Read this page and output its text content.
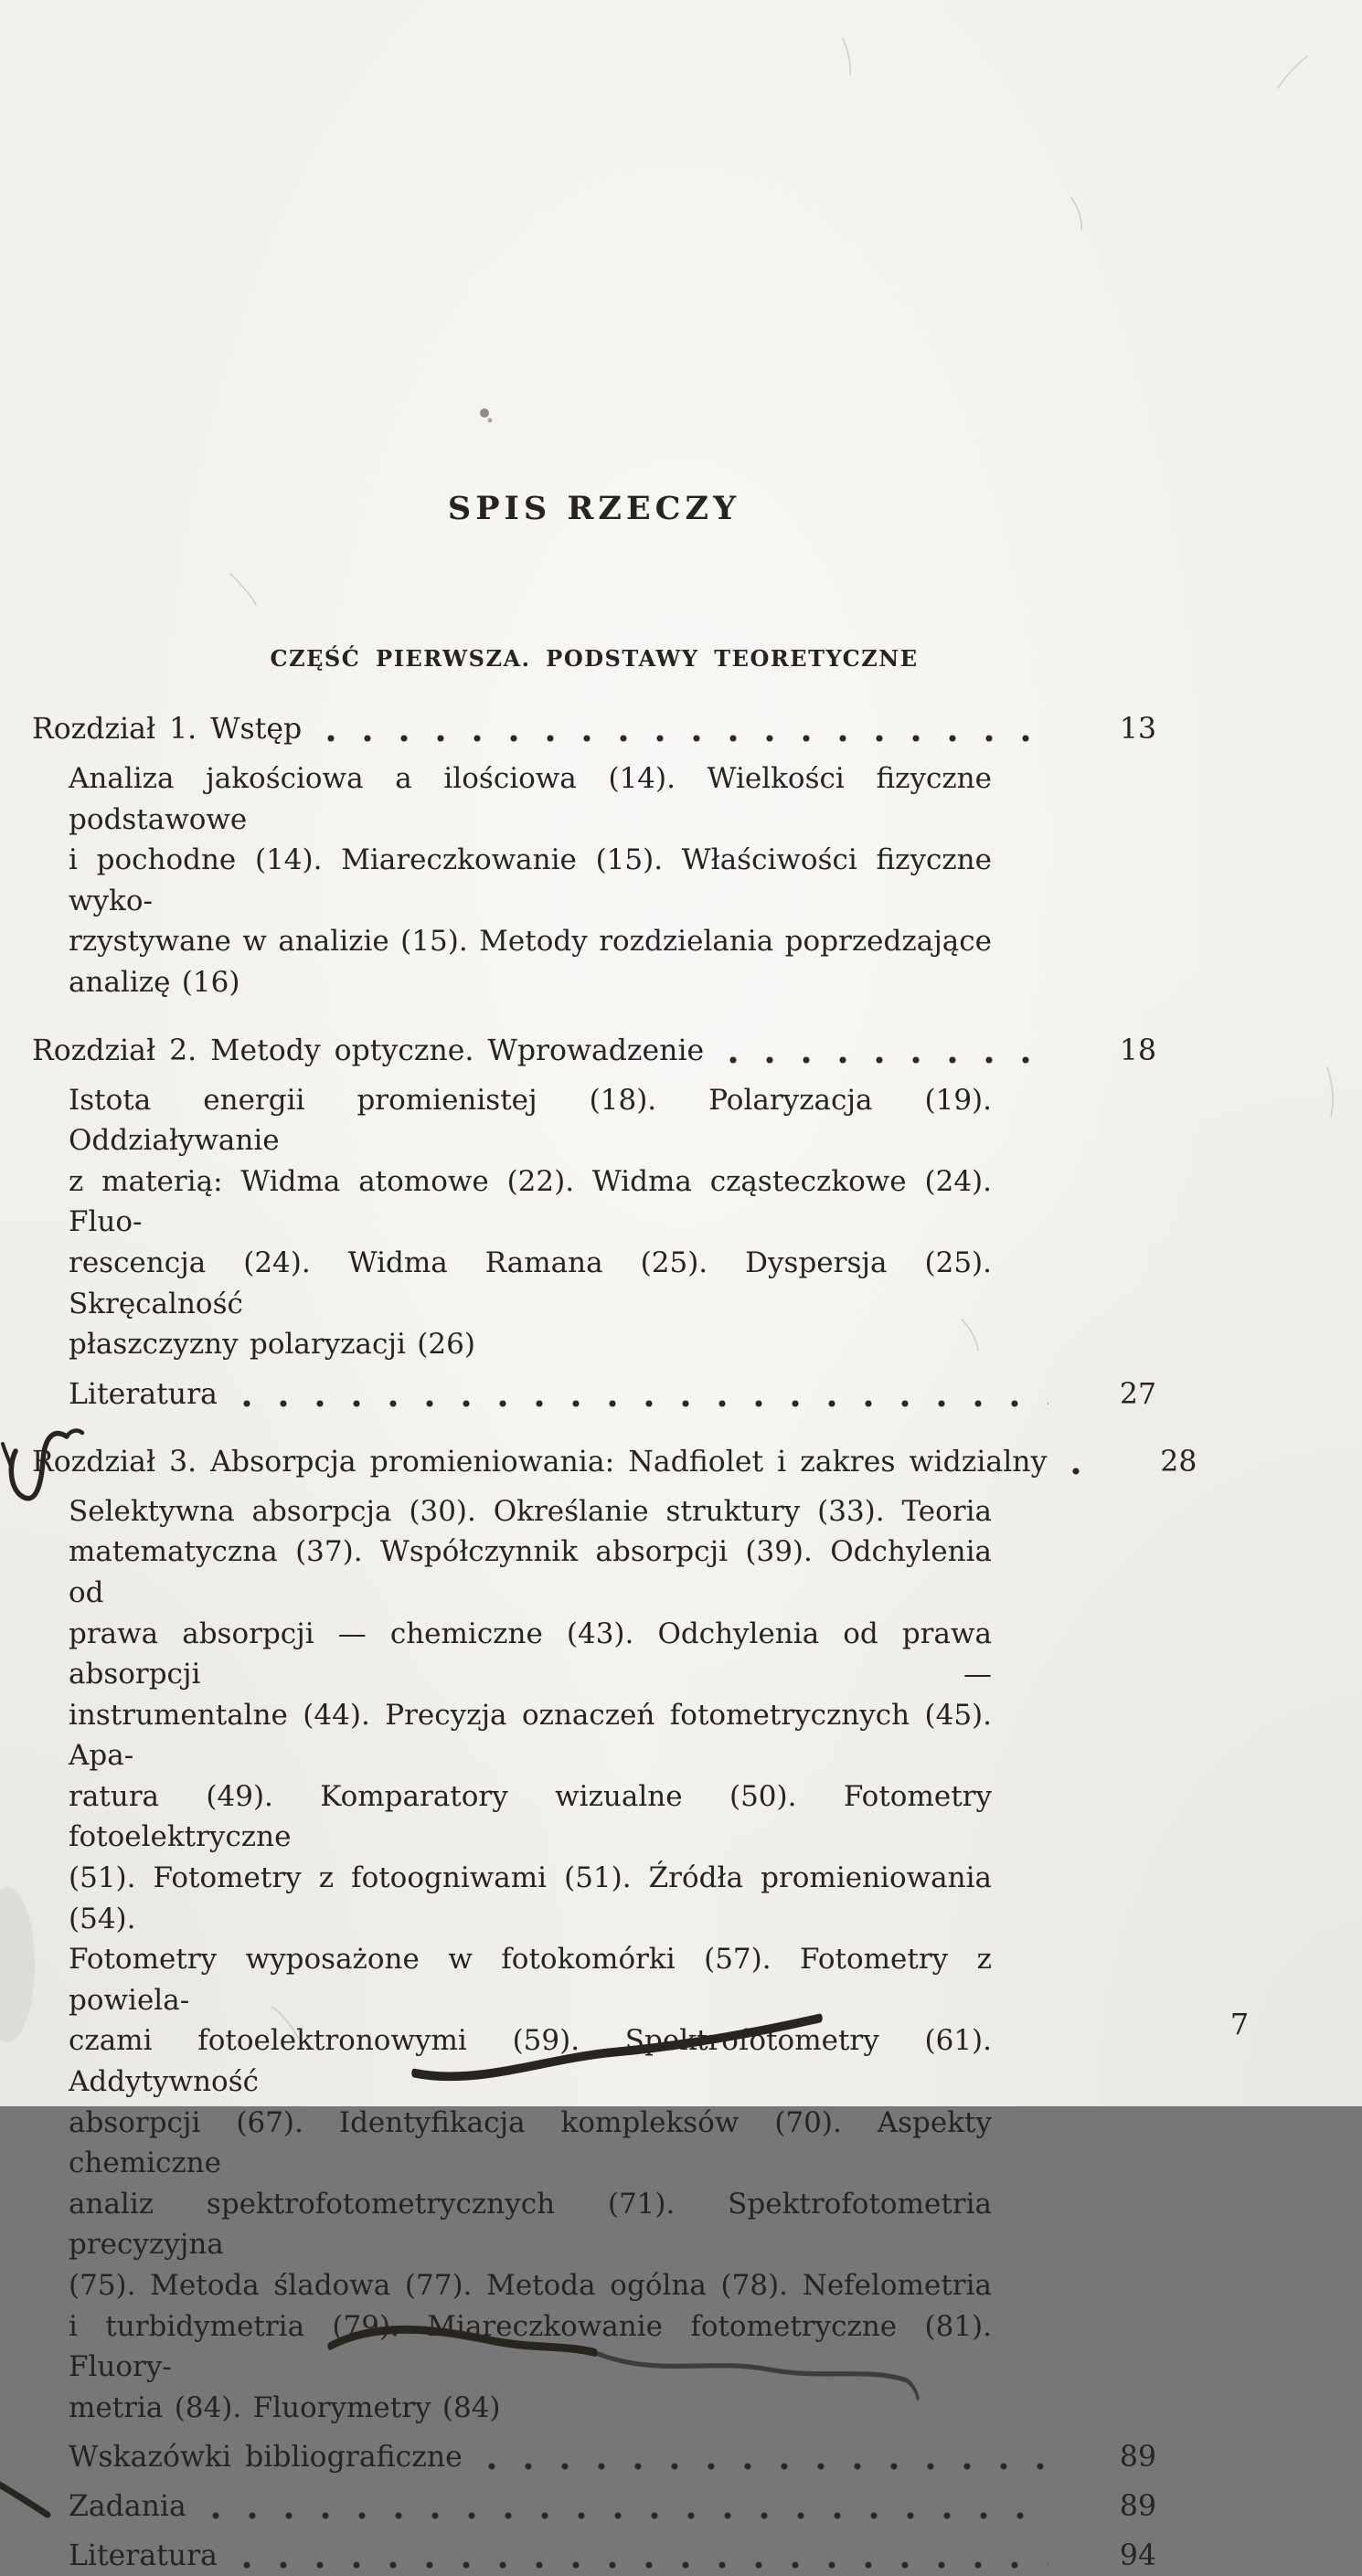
SPIS RZECZY
CZĘŚĆ PIERWSZA. PODSTAWY TEORETYCZNE
Rozdział 1. Wstęp	13
Analiza jakościowa a ilościowa (14). Wielkości fizyczne podstawowe
i pochodne (14). Miareczkowanie (15). Właściwości fizyczne wyko-
rzystywane w analizie (15). Metody rozdzielania poprzedzające
analizę (16)
Rozdział 2. Metody optyczne. Wprowadzenie	18
Istota energii promienistej (18). Polaryzacja (19). Oddziaływanie
z materią: Widma atomowe (22). Widma cząsteczkowe (24). Fluo-
rescencja (24). Widma Ramana (25). Dyspersja (25). Skręcalność
płaszczyzny polaryzacji (26)
Literatura	27
Rozdział 3. Absorpcja promieniowania: Nadfiolet i zakres widzialny	28
Selektywna absorpcja (30). Określanie struktury (33). Teoria
matematyczna (37). Współczynnik absorpcji (39). Odchylenia od
prawa absorpcji — chemiczne (43). Odchylenia od prawa absorpcji —
instrumentalne (44). Precyzja oznaczeń fotometrycznych (45). Apa-
ratura (49). Komparatory wizualne (50). Fotometry fotoelektryczne
(51). Fotometry z fotoogniwami (51). Źródła promieniowania (54).
Fotometry wyposażone w fotokomórki (57). Fotometry z powiela-
czami fotoelektronowymi (59). Spektrofotometry (61). Addytywność
absorpcji (67). Identyfikacja kompleksów (70). Aspekty chemiczne
analiz spektrofotometrycznych (71). Spektrofotometria precyzyjna
(75). Metoda śladowa (77). Metoda ogólna (78). Nefelometria
i turbidymetria (79). Miareczkowanie fotometryczne (81). Fluory-
metria (84). Fluorymetry (84)
Wskazówki bibliograficzne	89
Zadania	89
Literatura	94
7
